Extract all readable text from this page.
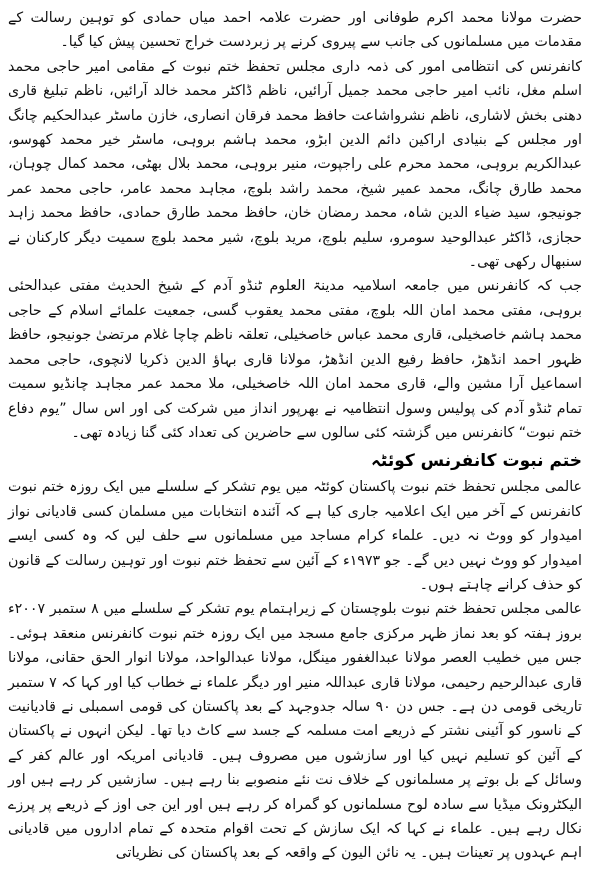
حضرت مولانا محمد اکرم طوفانی اور حضرت علامہ احمد میاں حمادی کو توہین رسالت کے مقدمات میں مسلمانوں کی جانب سے پیروی کرنے پر زبردست خراج تحسین پیش کیا گیا۔

کانفرنس کی انتظامی امور کی ذمہ داری مجلس تحفظ ختم نبوت کے مقامی امیر حاجی محمد اسلم مغل، نائب امیر حاجی محمد جمیل آرائیں، ناظم ڈاکٹر محمد خالد آرائیں، ناظم تبلیغ قاری دھنی بخش لاشاری، ناظم نشرواشاعت حافظ محمد فرقان انصاری، خازن ماسٹر عبدالحکیم چانگ اور مجلس کے بنیادی اراکین دائم الدین ابڑو، محمد ہاشم بروہی، ماسٹر خیر محمد کھوسو، عبدالکریم بروہی، محمد محرم علی راجپوت، منیر بروہی، محمد بلال بھٹی، محمد کمال چوہان، محمد طارق چانگ، محمد عمیر شیخ، محمد راشد بلوچ، مجاہد محمد عامر، حاجی محمد عمر جونیجو، سید ضیاء الدین شاہ، محمد رمضان خان، حافظ محمد طارق حمادی، حافظ محمد زاہد حجازی، ڈاکٹر عبدالوحید سومرو، سلیم بلوچ، مرید بلوچ، شیر محمد بلوچ سمیت دیگر کارکنان نے سنبھال رکھی تھی۔

جب کہ کانفرنس میں جامعہ اسلامیہ مدینۃ العلوم ٹنڈو آدم کے شیخ الحدیث مفتی عبدالحئی بروہی، مفتی محمد امان اللہ بلوچ، مفتی محمد یعقوب گسی، جمعیت علمائے اسلام کے حاجی محمد ہاشم خاصخیلی، قاری محمد عباس خاصخیلی، تعلقہ ناظم چاچا غلام مرتضیٰ جونیجو، حافظ ظہور احمد انڈھڑ، حافظ رفیع الدین انڈھڑ، مولانا قاری بہاؤ الدین ذکریا لانچوی، حاجی محمد اسماعیل آرا مشین والے، قاری محمد امان اللہ خاصخیلی، ملا محمد عمر مجاہد چانڈیو سمیت تمام ٹنڈو آدم کی پولیس وسول انتظامیہ نے بھرپور انداز میں شرکت کی اور اس سال ”یوم دفاع ختم نبوت“ کانفرنس میں گزشتہ کئی سالوں سے حاضرین کی تعداد کئی گنا زیادہ تھی۔

ختم نبوت کانفرنس کوئٹہ

عالمی مجلس تحفظ ختم نبوت پاکستان کوئٹہ میں یوم تشکر کے سلسلے میں ایک روزہ ختم نبوت کانفرنس کے آخر میں ایک اعلامیہ جاری کیا ہے کہ آئندہ انتخابات میں مسلمان کسی قادیانی نواز امیدوار کو ووٹ نہ دیں۔ علماء کرام مساجد میں مسلمانوں سے حلف لیں کہ وہ کسی ایسے امیدوار کو ووٹ نہیں دیں گے۔ جو ۱۹۷۳ء کے آئین سے تحفظ ختم نبوت اور توہین رسالت کے قانون کو حذف کرانے چاہتے ہوں۔

عالمی مجلس تحفظ ختم نبوت بلوچستان کے زیراہتمام یوم تشکر کے سلسلے میں ۸ ستمبر ۲۰۰۷ء بروز ہفتہ کو بعد نماز ظہر مرکزی جامع مسجد میں ایک روزہ ختم نبوت کانفرنس منعقد ہوئی۔ جس میں خطیب العصر مولانا عبدالغفور مینگل، مولانا عبدالواحد، مولانا انوار الحق حقانی، مولانا قاری عبدالرحیم رحیمی، مولانا قاری عبداللہ منیر اور دیگر علماء نے خطاب کیا اور کہا کہ ۷ ستمبر تاریخی قومی دن ہے۔ جس دن ۹۰ سالہ جدوجہد کے بعد پاکستان کی قومی اسمبلی نے قادیانیت کے ناسور کو آئینی نشتر کے ذریعے امت مسلمہ کے جسد سے کاٹ دیا تھا۔ لیکن انہوں نے پاکستان کے آئین کو تسلیم نہیں کیا اور سازشوں میں مصروف ہیں۔ قادیانی امریکہ اور عالم کفر کے وسائل کے بل بوتے پر مسلمانوں کے خلاف نت نئے منصوبے بنا رہے ہیں۔ سازشیں کر رہے ہیں اور الیکٹرونک میڈیا سے سادہ لوح مسلمانوں کو گمراہ کر رہے ہیں اور این جی اوز کے ذریعے پر پرزے نکال رہے ہیں۔ علماء نے کہا کہ ایک سازش کے تحت اقوام متحدہ کے تمام اداروں میں قادیانی اہم عہدوں پر تعینات ہیں۔ یہ نائن الیون کے واقعہ کے بعد پاکستان کی نظریاتی
